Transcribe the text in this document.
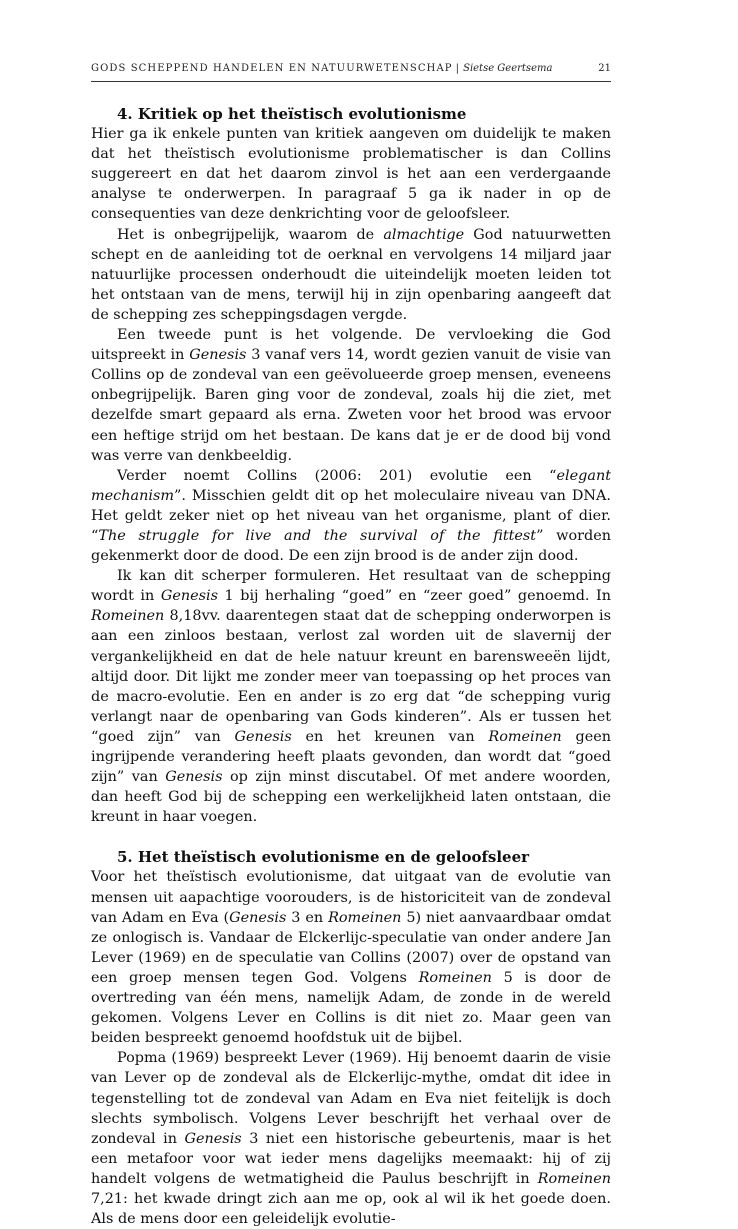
GODS SCHEPPEND HANDELEN EN NATUURWETENSCHAP | Sietse Geertsema	21
4. Kritiek op het theïstisch evolutionisme

Hier ga ik enkele punten van kritiek aangeven om duidelijk te maken dat het theïstisch evolutionisme problematischer is dan Collins suggereert en dat het daarom zinvol is het aan een verdergaande analyse te onderwerpen. In paragraaf 5 ga ik nader in op de consequenties van deze denkrichting voor de geloofsleer.

Het is onbegrijpelijk, waarom de almachtige God natuurwetten schept en de aanleiding tot de oerknal en vervolgens 14 miljard jaar natuurlijke processen onderhoudt die uiteindelijk moeten leiden tot het ontstaan van de mens, terwijl hij in zijn openbaring aangeeft dat de schepping zes scheppingsdagen vergde.

Een tweede punt is het volgende. De vervloeking die God uitspreekt in Genesis 3 vanaf vers 14, wordt gezien vanuit de visie van Collins op de zondeval van een geëvolueerde groep mensen, eveneens onbegrijpelijk. Baren ging voor de zondeval, zoals hij die ziet, met dezelfde smart gepaard als erna. Zweten voor het brood was ervoor een heftige strijd om het bestaan. De kans dat je er de dood bij vond was verre van denkbeeldig.

Verder noemt Collins (2006: 201) evolutie een “elegant mechanism”. Misschien geldt dit op het moleculaire niveau van DNA. Het geldt zeker niet op het niveau van het organisme, plant of dier. “The struggle for live and the survival of the fittest” worden gekenmerkt door de dood. De een zijn brood is de ander zijn dood.

Ik kan dit scherper formuleren. Het resultaat van de schepping wordt in Genesis 1 bij herhaling “goed” en “zeer goed” genoemd. In Romeinen 8,18vv. daarentegen staat dat de schepping onderworpen is aan een zinloos bestaan, verlost zal worden uit de slavernij der vergankelijkheid en dat de hele natuur kreunt en barensweeën lijdt, altijd door. Dit lijkt me zonder meer van toepassing op het proces van de macro-evolutie. Een en ander is zo erg dat “de schepping vurig verlangt naar de openbaring van Gods kinderen”. Als er tussen het “goed zijn” van Genesis en het kreunen van Romeinen geen ingrijpende verandering heeft plaats gevonden, dan wordt dat “goed zijn” van Genesis op zijn minst discutabel. Of met andere woorden, dan heeft God bij de schepping een werkelijkheid laten ontstaan, die kreunt in haar voegen.

5. Het theïstisch evolutionisme en de geloofsleer

Voor het theïstisch evolutionisme, dat uitgaat van de evolutie van mensen uit aapachtige voorouders, is de historiciteit van de zondeval van Adam en Eva (Genesis 3 en Romeinen 5) niet aanvaardbaar omdat ze onlogisch is. Vandaar de Elckerlijc-speculatie van onder andere Jan Lever (1969) en de speculatie van Collins (2007) over de opstand van een groep mensen tegen God. Volgens Romeinen 5 is door de overtreding van één mens, namelijk Adam, de zonde in de wereld gekomen. Volgens Lever en Collins is dit niet zo. Maar geen van beiden bespreekt genoemd hoofdstuk uit de bijbel.

Popma (1969) bespreekt Lever (1969). Hij benoemt daarin de visie van Lever op de zondeval als de Elckerlijc-mythe, omdat dit idee in tegenstelling tot de zondeval van Adam en Eva niet feitelijk is doch slechts symbolisch. Volgens Lever beschrijft het verhaal over de zondeval in Genesis 3 niet een historische gebeurtenis, maar is het een metafoor voor wat ieder mens dagelijks meemaakt: hij of zij handelt volgens de wetmatigheid die Paulus beschrijft in Romeinen 7,21: het kwade dringt zich aan me op, ook al wil ik het goede doen. Als de mens door een geleidelijk evolutie-
